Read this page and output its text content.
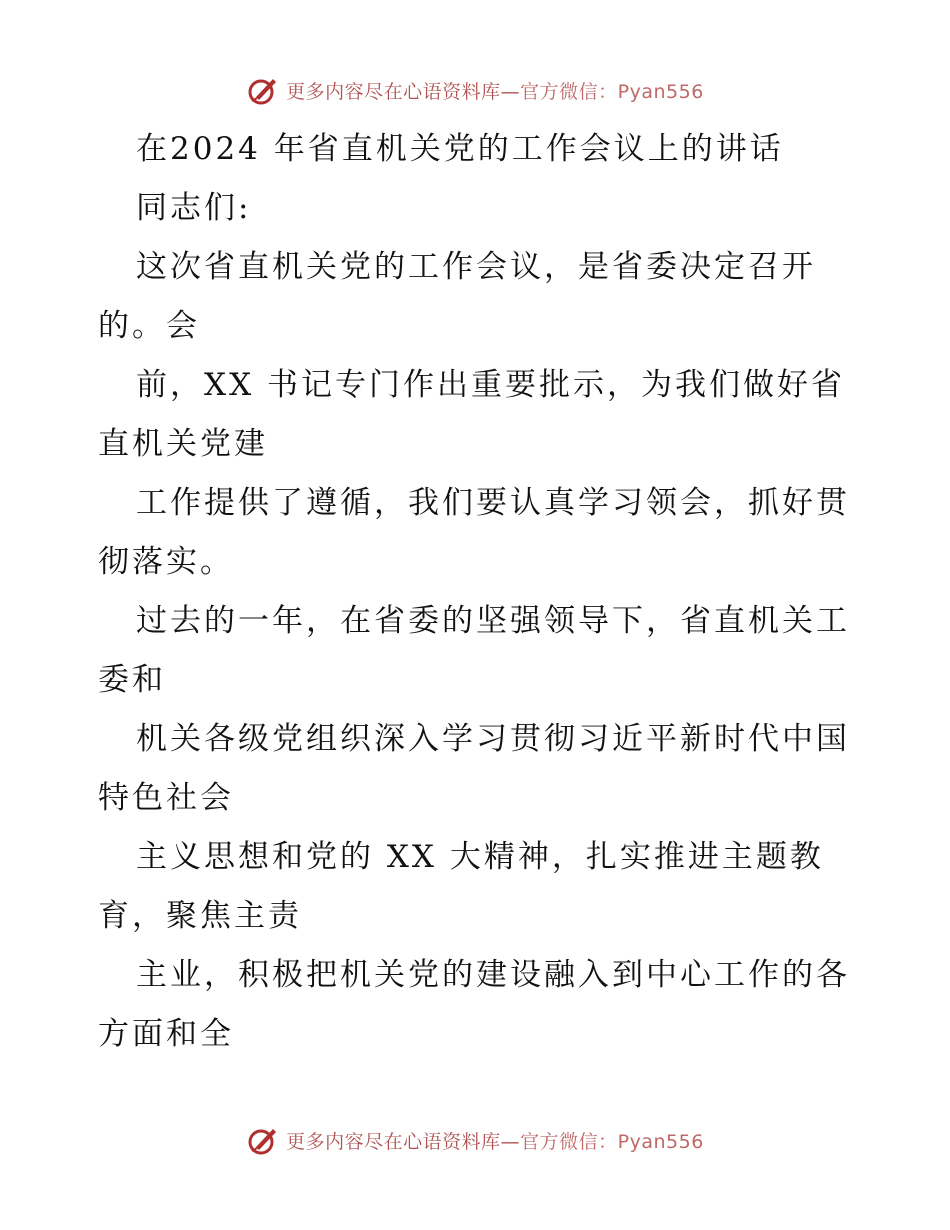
更多内容尽在心语资料库—官方微信：Pyan556

在2024 年省直机关党的工作会议上的讲话

同志们:

这次省直机关党的工作会议，是省委决定召开

的。会

前，XX 书记专门作出重要批示，为我们做好省

直机关党建

工作提供了遵循，我们要认真学习领会，抓好贯

彻落实。

过去的一年，在省委的坚强领导下，省直机关工

委和

机关各级党组织深入学习贯彻习近平新时代中国

特色社会

主义思想和党的 XX 大精神，扎实推进主题教

育，聚焦主责

主业，积极把机关党的建设融入到中心工作的各

方面和全

更多内容尽在心语资料库—官方微信：Pyan556
